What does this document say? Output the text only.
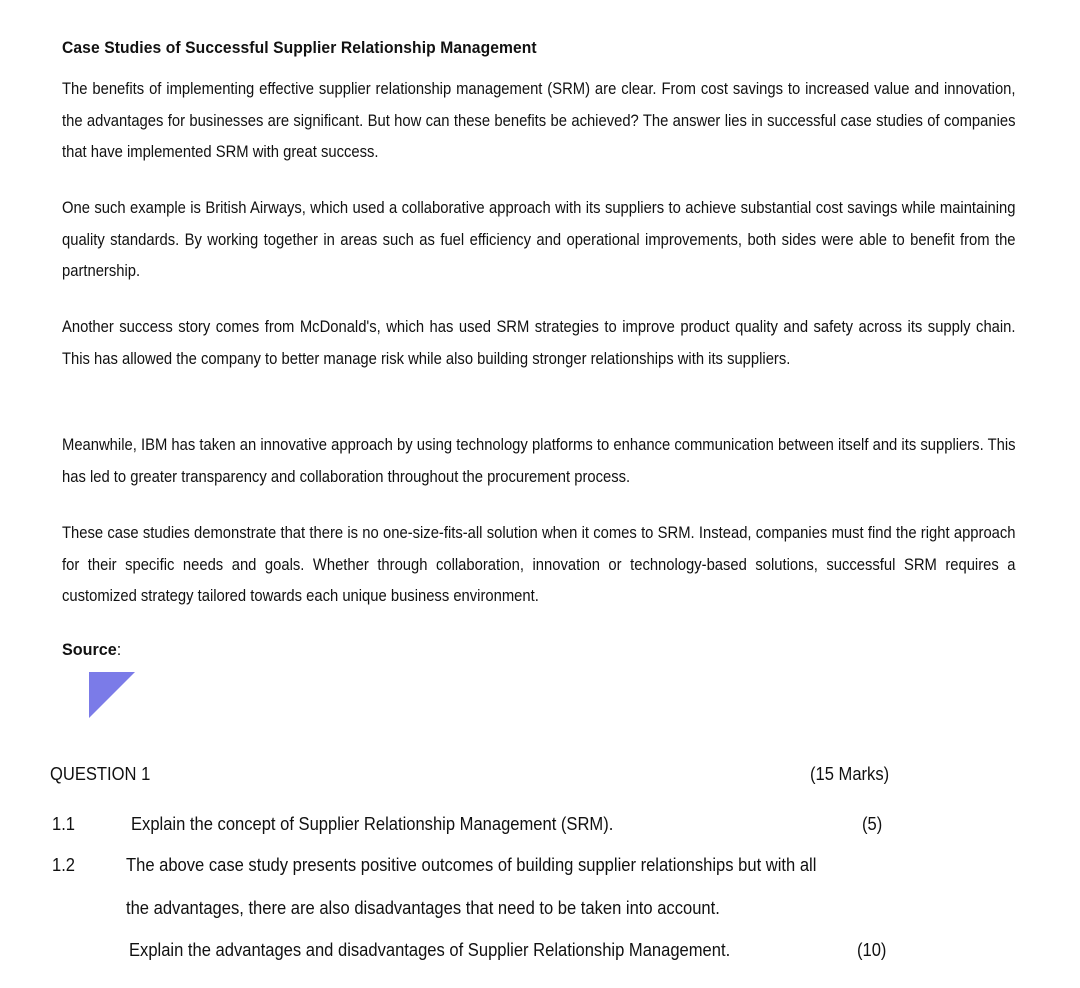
Case Studies of Successful Supplier Relationship Management
The benefits of implementing effective supplier relationship management (SRM) are clear. From cost savings to increased value and innovation, the advantages for businesses are significant. But how can these benefits be achieved? The answer lies in successful case studies of companies that have implemented SRM with great success.
One such example is British Airways, which used a collaborative approach with its suppliers to achieve substantial cost savings while maintaining quality standards. By working together in areas such as fuel efficiency and operational improvements, both sides were able to benefit from the partnership.
Another success story comes from McDonald's, which has used SRM strategies to improve product quality and safety across its supply chain. This has allowed the company to better manage risk while also building stronger relationships with its suppliers.
Meanwhile, IBM has taken an innovative approach by using technology platforms to enhance communication between itself and its suppliers. This has led to greater transparency and collaboration throughout the procurement process.
These case studies demonstrate that there is no one-size-fits-all solution when it comes to SRM. Instead, companies must find the right approach for their specific needs and goals. Whether through collaboration, innovation or technology-based solutions, successful SRM requires a customized strategy tailored towards each unique business environment.
Source:
QUESTION 1	(15 Marks)
1.1	Explain the concept of Supplier Relationship Management (SRM).	(5)
1.2	The above case study presents positive outcomes of building supplier relationships but with all
the advantages, there are also disadvantages that need to be taken into account.
Explain the advantages and disadvantages of Supplier Relationship Management.	(10)
